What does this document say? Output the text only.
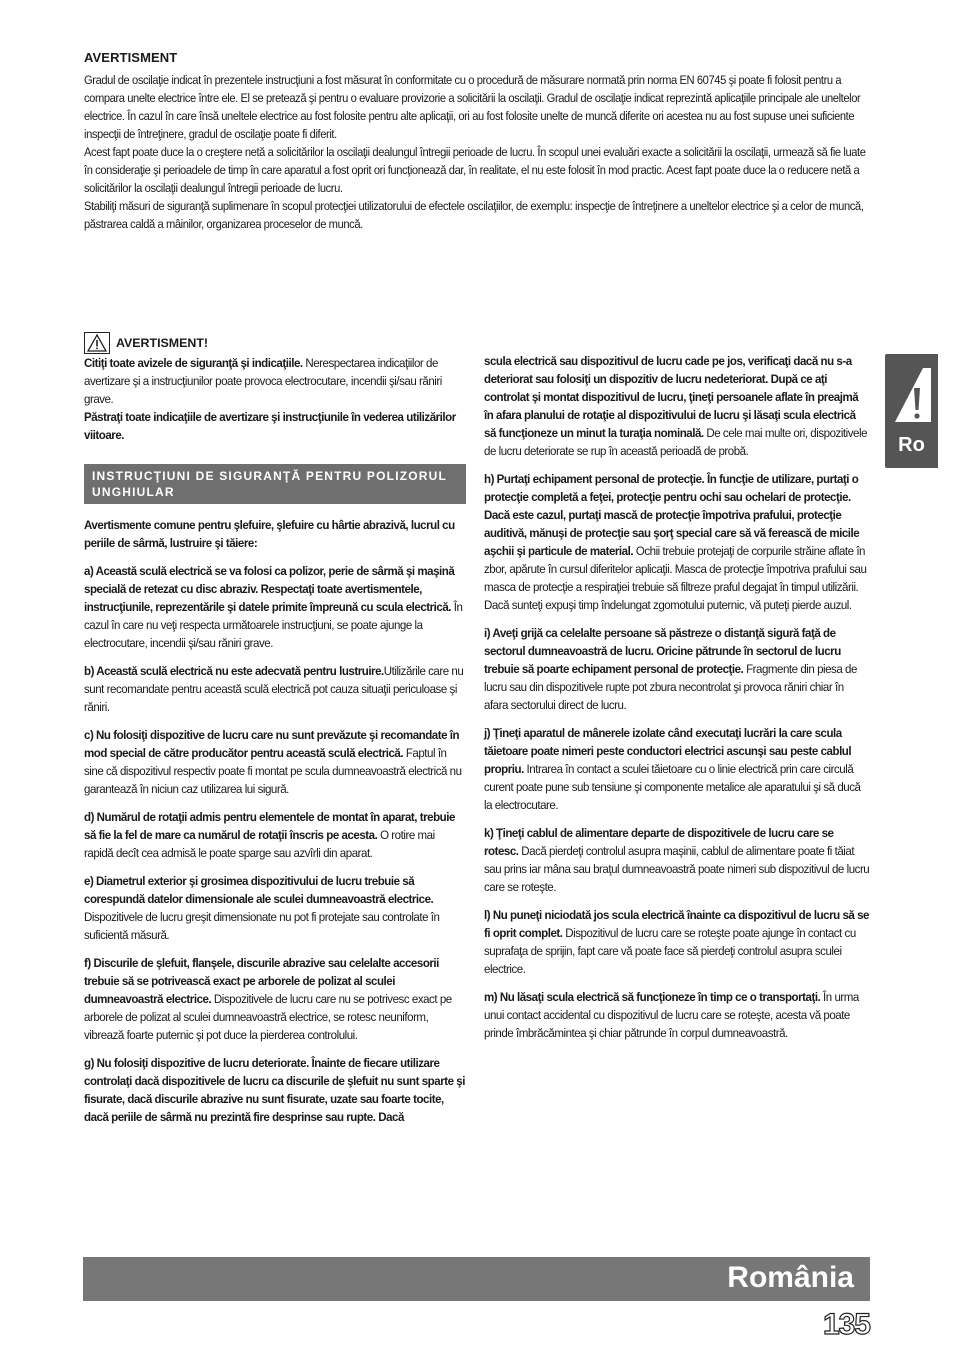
AVERTISMENT

Gradul de oscilaţie indicat în prezentele instrucţiuni a fost măsurat în conformitate cu o procedură de măsurare normată prin norma EN 60745 şi poate fi folosit pentru a compara unelte electrice între ele. El se pretează şi pentru o evaluare provizorie a solicitării la oscilaţii. Gradul de oscilaţie indicat reprezintă aplicaţiile principale ale uneltelor electrice. În cazul în care însă uneltele electrice au fost folosite pentru alte aplicaţii, ori au fost folosite unelte de muncă diferite ori acestea nu au fost supuse unei suficiente inspecţii de întreţinere, gradul de oscilaţie poate fi diferit.

Acest fapt poate duce la o creştere netă a solicitărilor la oscilaţii dealungul întregii perioade de lucru. În scopul unei evaluări exacte a solicitării la oscilaţii, urmează să fie luate în consideraţie şi perioadele de timp în care aparatul a fost oprit ori funcţionează dar, în realitate, el nu este folosit în mod practic. Acest fapt poate duce la o reducere netă a solicitărilor la oscilaţii dealungul întregii perioade de lucru.

Stabiliţi măsuri de siguranţă suplimenare în scopul protecţiei utilizatorului de efectele oscilaţiilor, de exemplu: inspecţie de întreţinere a uneltelor electrice şi a celor de muncă, păstrarea caldă a mâinilor, organizarea proceselor de muncă.

AVERTISMENT!

Citiţi toate avizele de siguranţă şi indicaţiile. Nerespectarea indicaţiilor de avertizare şi a instrucţiunilor poate provoca electrocutare, incendii şi/sau răniri grave.

Păstraţi toate indicaţiile de avertizare şi instrucţiunile în vederea utilizărilor viitoare.

INSTRUCŢIUNI DE SIGURANŢĂ PENTRU POLIZORUL UNGHIULAR

Avertismente comune pentru şlefuire, şlefuire cu hârtie abrazivă, lucrul cu periile de sârmă, lustruire şi tăiere:

a) Această sculă electrică se va folosi ca polizor, perie de sârmă şi maşină specială de retezat cu disc abraziv. Respectaţi toate avertismentele, instrucţiunile, reprezentările şi datele primite împreună cu scula electrică. În cazul în care nu veţi respecta următoarele instrucţiuni, se poate ajunge la electrocutare, incendii şi/sau răniri grave.

b) Această sculă electrică nu este adecvată pentru lustruire.Utilizările care nu sunt recomandate pentru această sculă electrică pot cauza situaţii periculoase şi răniri.

c) Nu folosiţi dispozitive de lucru care nu sunt prevăzute şi recomandate în mod special de către producător pentru această sculă electrică. Faptul în sine că dispozitivul respectiv poate fi montat pe scula dumneavoastră electrică nu garantează în niciun caz utilizarea lui sigură.

d) Numărul de rotaţii admis pentru elementele de montat în aparat, trebuie să fie la fel de mare ca numărul de rotaţii înscris pe acesta. O rotire mai rapidă decît cea admisă le poate sparge sau azvîrli din aparat.

e) Diametrul exterior şi grosimea dispozitivului de lucru trebuie să corespundă datelor dimensionale ale sculei dumneavoastră electrice. Dispozitivele de lucru greşit dimensionate nu pot fi protejate sau controlate în suficientă măsură.

f) Discurile de şlefuit, flanşele, discurile abrazive sau celelalte accesorii trebuie să se potrivească exact pe arborele de polizat al sculei dumneavoastră electrice. Dispozitivele de lucru care nu se potrivesc exact pe arborele de polizat al sculei dumneavoastră electrice, se rotesc neuniform, vibrează foarte puternic şi pot duce la pierderea controlului.

g) Nu folosiţi dispozitive de lucru deteriorate. Înainte de fiecare utilizare controlaţi dacă dispozitivele de lucru ca discurile de şlefuit nu sunt sparte şi fisurate, dacă discurile abrazive nu sunt fisurate, uzate sau foarte tocite, dacă periile de sârmă nu prezintă fire desprinse sau rupte. Dacă

scula electrică sau dispozitivul de lucru cade pe jos, verificaţi dacă nu s-a deteriorat sau folosiţi un dispozitiv de lucru nedeteriorat. După ce aţi controlat şi montat dispozitivul de lucru, ţineţi persoanele aflate în preajmă în afara planului de rotaţie al dispozitivului de lucru şi lăsaţi scula electrică să funcţioneze un minut la turaţia nominală. De cele mai multe ori, dispozitivele de lucru deteriorate se rup în această perioadă de probă.

h) Purtaţi echipament personal de protecţie. În funcţie de utilizare, purtaţi o protecţie completă a feţei, protecţie pentru ochi sau ochelari de protecţie. Dacă este cazul, purtaţi mască de protecţie împotriva prafului, protecţie auditivă, mănuşi de protecţie sau şorţ special care să vă ferească de micile aşchii şi particule de material. Ochii trebuie protejaţi de corpurile străine aflate în zbor, apărute în cursul diferitelor aplicaţii. Masca de protecţie împotriva prafului sau masca de protecţie a respiraţiei trebuie să filtreze praful degajat în timpul utilizării. Dacă sunteţi expuşi timp îndelungat zgomotului puternic, vă puteţi pierde auzul.

i) Aveţi grijă ca celelalte persoane să păstreze o distanţă sigură faţă de sectorul dumneavoastră de lucru. Oricine pătrunde în sectorul de lucru trebuie să poarte echipament personal de protecţie. Fragmente din piesa de lucru sau din dispozitivele rupte pot zbura necontrolat şi provoca răniri chiar în afara sectorului direct de lucru.

j) Ţineţi aparatul de mânerele izolate când executaţi lucrări la care scula tăietoare poate nimeri peste conductori electrici ascunşi sau peste cablul propriu. Intrarea în contact a sculei tăietoare cu o linie electrică prin care circulă curent poate pune sub tensiune şi componente metalice ale aparatului şi să ducă la electrocutare.

k) Ţineţi cablul de alimentare departe de dispozitivele de lucru care se rotesc. Dacă pierdeţi controlul asupra maşinii, cablul de alimentare poate fi tăiat sau prins iar mâna sau braţul dumneavoastră poate nimeri sub dispozitivul de lucru care se roteşte.

l) Nu puneţi niciodată jos scula electrică înainte ca dispozitivul de lucru să se fi oprit complet. Dispozitivul de lucru care se roteşte poate ajunge în contact cu suprafaţa de sprijin, fapt care vă poate face să pierdeţi controlul asupra sculei electrice.

m) Nu lăsaţi scula electrică să funcţioneze în timp ce o transportaţi. În urma unui contact accidental cu dispozitivul de lucru care se roteşte, acesta vă poate prinde îmbrăcămintea şi chiar pătrunde în corpul dumneavoastră.

Ro
România
135
